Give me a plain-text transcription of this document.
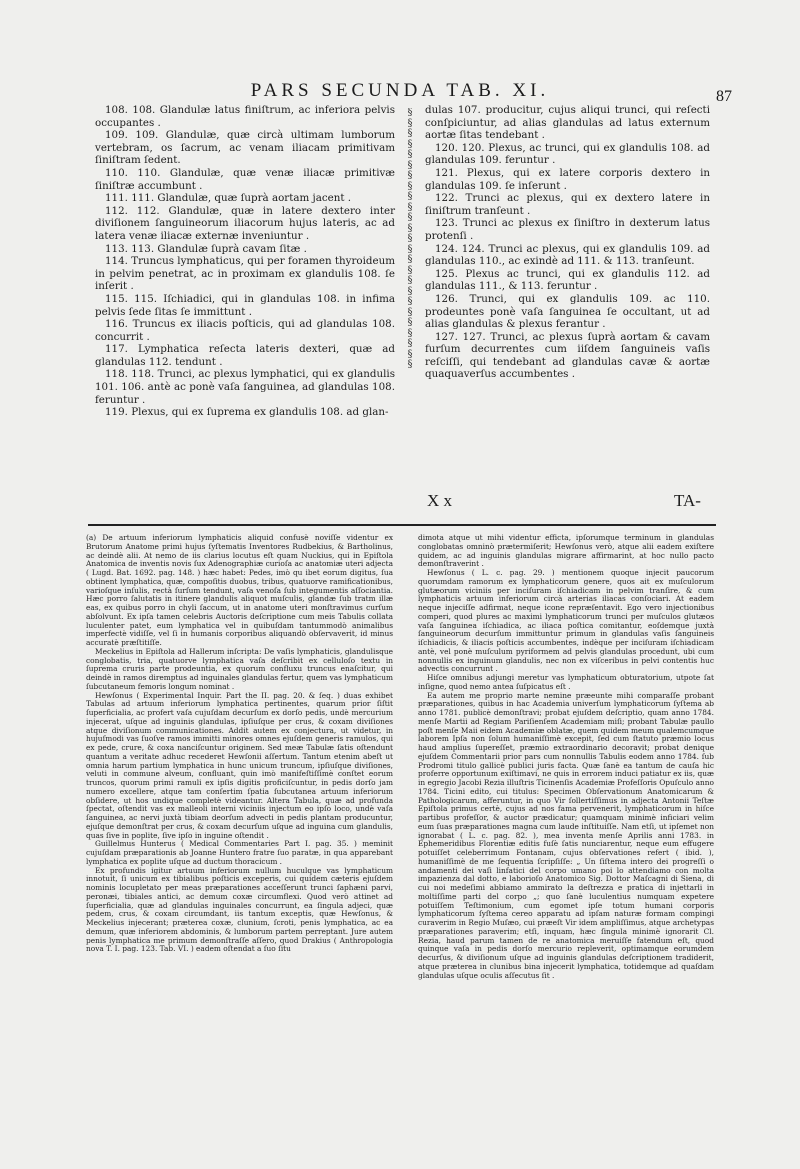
PARS SECUNDA TAB. XI.	87

108. 108. Glandulæ latus finiſtrum, ac inferiora pelvis occupantes .

109. 109. Glandulæ, quæ circà ultimam lumborum vertebram, os ſacrum, ac venam iliacam primitivam ſiniſtram ſedent.

110. 110. Glandulæ, quæ venæ iliacæ primitivæ ſiniſtræ accumbunt .

111. 111. Glandulæ, quæ ſuprà aortam jacent .

112. 112. Glandulæ, quæ in latere dextero inter diviſionem ſanguineorum iliacorum hujus lateris, ac ad latera venæ iliacæ externæ inveniuntur .

113. 113. Glandulæ ſuprà cavam ſitæ .

114. Truncus lymphaticus, qui per foramen thyroideum in pelvim penetrat, ac in proximam ex glandulis 108. ſe inſerit .

115. 115. Iſchiadici, qui in glandulas 108. in infima pelvis ſede ſitas ſe immittunt .

116. Truncus ex iliacis poſticis, qui ad glandulas 108. concurrit .

117. Lymphatica reſecta lateris dexteri, quæ ad glandulas 112. tendunt .

118. 118. Trunci, ac plexus lymphatici, qui ex glandulis 101. 106. antè ac ponè vaſa ſanguinea, ad glandulas 108. feruntur .

119. Plexus, qui ex ſuprema ex glandulis 108. ad glan-

§
§
§
§
§
§
§
§
§
§
§
§
§
§
§
§
§
§
§
§
§
§
§
§
§

dulas 107. producitur, cujus aliqui trunci, qui reſecti conſpiciuntur, ad alias glandulas ad latus externum aortæ ſitas tendebant .

120. 120. Plexus, ac trunci, qui ex glandulis 108. ad glandulas 109. feruntur .

121. Plexus, qui ex latere corporis dextero in glandulas 109. ſe inſerunt .

122. Trunci ac plexus, qui ex dextero latere in ſiniſtrum tranſeunt .

123. Trunci ac plexus ex ſiniſtro in dexterum latus protenſi .

124. 124. Trunci ac plexus, qui ex glandulis 109. ad glandulas 110., ac exindè ad 111. & 113. tranſeunt.

125. Plexus ac trunci, qui ex glandulis 112. ad glandulas 111., & 113. feruntur .

126. Trunci, qui ex glandulis 109. ac 110. prodeuntes ponè vaſa ſanguinea ſe occultant, ut ad alias glandulas & plexus ferantur .

127. 127. Trunci, ac plexus ſuprà aortam & cavam furſum decurrentes cum iiſdem ſanguineis vaſis reſciſſi, qui tendebant ad glandulas cavæ & aortæ quaquaverſus accumbentes .

X x	TA-

(a) De artuum inferiorum lymphaticis aliquid confusè noviſſe videntur ex Brutorum Anatome primi hujus ſyſtematis Inventores Rudbekius, & Bartholinus, ac deindè alii. At nemo de iis clarius locutus eſt quam Nuckius, qui in Epiſtola Anatomica de inventis novis ſux Adenographiæ curioſa ac anatomiæ uteri adjecta ( Lugd. Bat. 1692. pag. 148. ) hæc habet: Pedes, imò qu ibet eorum digitus, ſua obtinent lymphatica, quæ, compoſitis duobus, tribus, quatuorve ramificationibus, varioſque inſulis, rectà ſurſum tendunt, vaſa venoſa ſub integumentis aſſociantia. Hæc porro ſalutatis in itinere glandulis aliquot muſculis, glandæ ſub tratm illæ eas, ex quibus porro in chyli ſaccum, ut in anatome uteri monſtravimus curſum abſolvunt. Ex ipſa tamen celebris Auctoris deſcriptione cum meis Tabulis collata luculenter patet, eum lymphatica vel in quibuſdam tantummodò animalibus imperfectè vidiſſe, vel ſi in humanis corporibus aliquandò obſervaverit, id minus accuratè præſtitiſſe.

Meckelius in Epiſtola ad Hallerum inſcripta: De vaſis lymphaticis, glandulisque conglobatis, tria, quatuorve lymphatica vaſa deſcribit ex celluloſo textu in ſuprema cruris parte prodeuntia, ex quorum confluxu truncus enaſcitur, qui deindè in ramos diremptus ad inguinales glandulas fertur, quem vas lymphaticum ſubcutaneum femoris longum nominat .

Hewſonus ( Experimental Inquir. Part the II. pag. 20. & ſeq. ) duas exhibet Tabulas ad artuum inferiorum lymphatica pertinentes, quarum prior ſiſtit ſuperficialia, ac profert vaſa cujuſdam decurſum ex dorſo pedis, undè mercurium injecerat, uſque ad inguinis glandulas, ipſiuſque per crus, & coxam diviſiones atque diviſionum communicationes. Addit autem ex conjectura, ut videtur, in hujuſmodi vas ſuoſve ramos immitti minores omnes ejuſdem generis ramulos, qui ex pede, crure, & coxa nanciſcuntur originem. Sed meæ Tabulæ ſatis oſtendunt quantum a veritate adhuc recederet Hewſonii aſſertum. Tantum etenim abeſt ut omnia harum partium lymphatica in hunc unicum truncum, ipſiuſque diviſiones, veluti in commune alveum, confluant, quin imò manifeſtiſſimè conſtet eorum truncos, quorum primi ramuli ex ipſis digitis proficiſcuntur, in pedis dorſo jam numero excellere, atque tam conſertim ſpatia ſubcutanea artuum inferiorum obſidere, ut hos undique completè videantur. Altera Tabula, quæ ad profunda ſpectat, oſtendit vas ex malleoli interni viciniis injectum eo ipſo loco, undè vaſa ſanguinea, ac nervi juxtà tibiam deorſum advecti in pedis plantam producuntur, ejuſque demonſtrat per crus, & coxam decurſum uſque ad inguina cum glandulis, quas ſive in poplite, ſive ipſo in inguine oſtendit .

Guillelmus Hunterus ( Medical Commentaries Part I. pag. 35. ) meminit cujuſdam præparationis ab Joanne Huntero fratre ſuo paratæ, in qua apparebant lymphatica ex poplite uſque ad ductum thoracicum .

Ex profundis igitur artuum inferiorum nullum huculque vas lymphaticum innotuit, ſi unicum ex tibialibus poſticis exceperis, cui quidem cæteris ejuſdem nominis locupletato per meas præparationes acceſſerunt trunci ſaphæni parvi, peronæi, tibiales antici, ac demum coxæ circumflexi. Quod verò attinet ad ſuperficialia, quæ ad glandulas inguinales concurrunt, ea ſingula adjeci, quæ pedem, crus, & coxam circumdant, iis tantum exceptis, quæ Hewſonus, & Meckelius injecerant; præterea coxæ, clunium, ſcroti, penis lymphatica, ac ea demum, quæ inferiorem abdominis, & lumborum partem perreptant. Jure autem penis lymphatica me primum demonſtraſſe aſſero, quod Drakius ( Anthropologia nova T. I. pag. 123. Tab. VI. ) eadem oſtendat a ſuo ſitu

dimota atque ut mihi videntur efficta, ipſorumque terminum in glandulas conglobatas omninò prætermiſerit; Hewſonus verò, atque alii eadem exiſtere quidem, ac ad inguinis glandulas migrare affirmarint, at hoc nullo pacto demonſtraverint .

Hewſonus ( L. c. pag. 29. ) mentionem quoque injecit paucorum quorumdam ramorum ex lymphaticorum genere, quos ait ex muſculorum glutæorum viciniis per inciſuram iſchiadicam in pelvim tranſire, & cum lymphaticis artuum inferiorum circà arterias iliacas conſociari. At eadem neque injeciſſe adfirmat, neque icone repræſentavit. Ego vero injectionibus comperi, quod plures ac maximi lymphaticorum trunci per muſculos glutæos vaſa ſanguinea iſchiadica, ac iliaca poſtica comitantur, eoſdemque juxtà ſanguineorum decurſum immittuntur primum in glandulas vaſis ſanguineis iſchiadicis, & iliacis poſticis accumbentes, indèque per inciſuram iſchiadicam antè, vel ponè muſculum pyriformem ad pelvis glandulas procedunt, ubi cum nonnullis ex inguinum glandulis, nec non ex viſceribus in pelvi contentis huc advectis concurrunt .

Hiſce omnibus adjungi meretur vas lymphaticum obturatorium, utpote ſat inſigne, quod nemo antea ſuſpicatus eſt .

Ea autem me proprio marte nemine præeunte mihi comparaſſe probant præparationes, quibus in hac Academia univerſum lymphaticorum ſyſtema ab anno 1781. publicè demonſtravi; probat ejuſdem deſcriptio, quam anno 1784. menſe Martii ad Regiam Pariſienſem Academiam miſi; probant Tabulæ paullo poſt menſe Maii eidem Academiæ oblatæ, quem quidem meum qualemcumque laborem Ipſa non ſolum humaniſſimè excepit, ſed cum ſtatuto præmio locus haud amplius ſupereſſet, præmio extraordinario decoravit; probat denique ejuſdem Commentarii prior pars cum nonnullis Tabulis eodem anno 1784. ſub Prodromi titulo gallicè publici juris facta. Quæ ſanè ea tantum de cauſa hic proferre opportunum exiſtimavi, ne quis in errorem induci patiatur ex iis, quæ in egregio Jacobi Rezia illuſtris Ticinenſis Academiæ Profeſſoris Opuſculo anno 1784. Ticini edito, cui titulus: Specimen Obſervationum Anatomicarum & Pathologicarum, afferuntur, in quo Vir ſollertiſſimus in adjecta Antonii Teſtæ Epiſtola primus certè, cujus ad nos fama pervenerit, lymphaticorum in hiſce partibus profeſſor, & auctor prædicatur; quamquam minimè inficiari velim eum ſuas præparationes magna cum laude inſtituiſſe. Nam etſi, ut ipſemet non ignorabat ( L. c. pag. 82. ), mea inventa menſe Aprilis anni 1783. in Ephemeridibus Florentiæ editis fuſè ſatis nunciarentur, neque eum effugere potuiſſet celeberrimum Fontanam, cujus obſervationes refert ( ibid. ), humaniſſimè de me ſequentia ſcripſiſſe: „ Un ſiſtema intero dei progreſſi o andamenti dei vaſi linfatici del corpo umano poi lo attendiamo con molta impazienza dal dotto, e laborioſo Anatomico Sig. Dottor Maſcagni di Siena, di cui noi medeſimi abbiamo ammirato la deſtrezza e pratica di injettarli in moltiſſime parti del corpo „; quo ſanè luculentius numquam expetere potuiſſem Teſtimonium, cum egomet ipſe totum humani corporis lymphaticorum ſyſtema cereo apparatu ad ipſam naturæ formam compingi curaverim in Regio Muſæo, cui præeſt Vir idem ampliſſimus, atque archetypas præparationes paraverim; etſi, inquam, hæc ſingula minimè ignorarit Cl. Rezia, haud parum tamen de re anatomica meruiſſe fatendum eſt, quod quinque vaſa in pedis dorſo mercurio repleverit, optimamque eorumdem decurſus, & diviſionum uſque ad inguinis glandulas deſcriptionem tradiderit, atque præterea in clunibus bina injecerit lymphatica, totidemque ad quaſdam glandulas uſque oculis aſſecutus ſit .
